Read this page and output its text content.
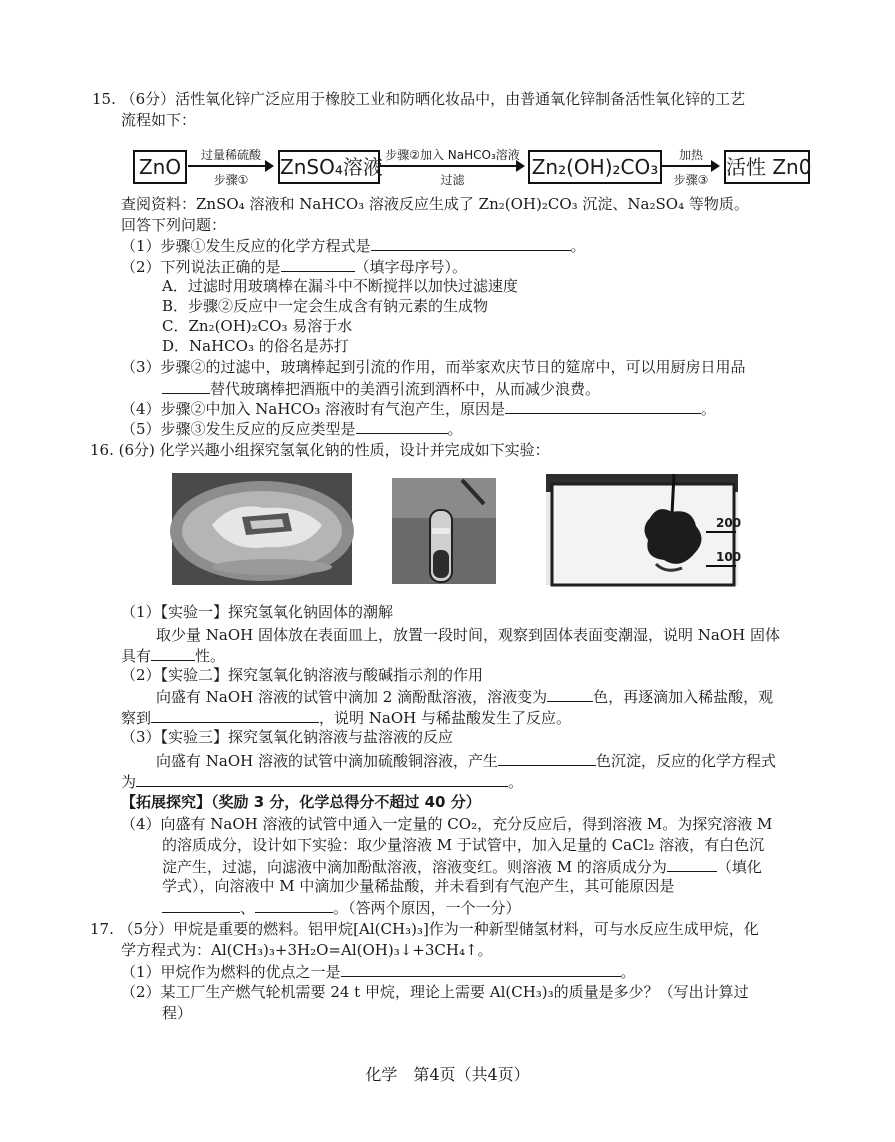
15. （6分）活性氧化锌广泛应用于橡胶工业和防晒化妆品中，由普通氧化锌制备活性氧化锌的工艺
流程如下：
ZnO	过量稀硫酸
步骤①
ZnSO₄溶液 步骤②加入 NaHCO₃溶液
过滤
Zn₂(OH)₂CO₃	加热
步骤③
活性 Zn0
查阅资料：ZnSO₄ 溶液和 NaHCO₃ 溶液反应生成了 Zn₂(OH)₂CO₃ 沉淀、Na₂SO₄ 等物质。
回答下列问题：
（1）步骤①发生反应的化学方程式是	。
（2）下列说法正确的是	（填字母序号）。
A．过滤时用玻璃棒在漏斗中不断搅拌以加快过滤速度
B．步骤②反应中一定会生成含有钠元素的生成物
C．Zn₂(OH)₂CO₃ 易溶于水
D．NaHCO₃ 的俗名是苏打
（3）步骤②的过滤中，玻璃棒起到引流的作用，而举家欢庆节日的筵席中，可以用厨房日用品
替代玻璃棒把酒瓶中的美酒引流到酒杯中，从而减少浪费。
（4）步骤②中加入 NaHCO₃ 溶液时有气泡产生，原因是	。
（5）步骤③发生反应的反应类型是	。
16. (6分) 化学兴趣小组探究氢氧化钠的性质，设计并完成如下实验：
200
100
（1）【实验一】探究氢氧化钠固体的潮解
取少量 NaOH 固体放在表面皿上，放置一段时间，观察到固体表面变潮湿，说明 NaOH 固体
具有	性。
（2）【实验二】探究氢氧化钠溶液与酸碱指示剂的作用
向盛有 NaOH 溶液的试管中滴加 2 滴酚酞溶液，溶液变为	色，再逐滴加入稀盐酸，观
察到	，说明 NaOH 与稀盐酸发生了反应。
（3）【实验三】探究氢氧化钠溶液与盐溶液的反应
向盛有 NaOH 溶液的试管中滴加硫酸铜溶液，产生	色沉淀，反应的化学方程式
为	。
【拓展探究】（奖励 3 分，化学总得分不超过 40 分）
（4）向盛有 NaOH 溶液的试管中通入一定量的 CO₂，充分反应后，得到溶液 M。为探究溶液 M
的溶质成分，设计如下实验：取少量溶液 M 于试管中，加入足量的 CaCl₂ 溶液，有白色沉
淀产生，过滤，向滤液中滴加酚酞溶液，溶液变红。则溶液 M 的溶质成分为	（填化
学式），向溶液中 M 中滴加少量稀盐酸，并未看到有气泡产生，其可能原因是
、	。（答两个原因，一个一分）
17. （5分）甲烷是重要的燃料。铝甲烷[Al(CH₃)₃]作为一种新型储氢材料，可与水反应生成甲烷，化
学方程式为：Al(CH₃)₃+3H₂O=Al(OH)₃↓+3CH₄↑。
（1）甲烷作为燃料的优点之一是	。
（2）某工厂生产燃气轮机需要 24 t 甲烷，理论上需要 Al(CH₃)₃的质量是多少？（写出计算过
程）
化学　第4页（共4页）
